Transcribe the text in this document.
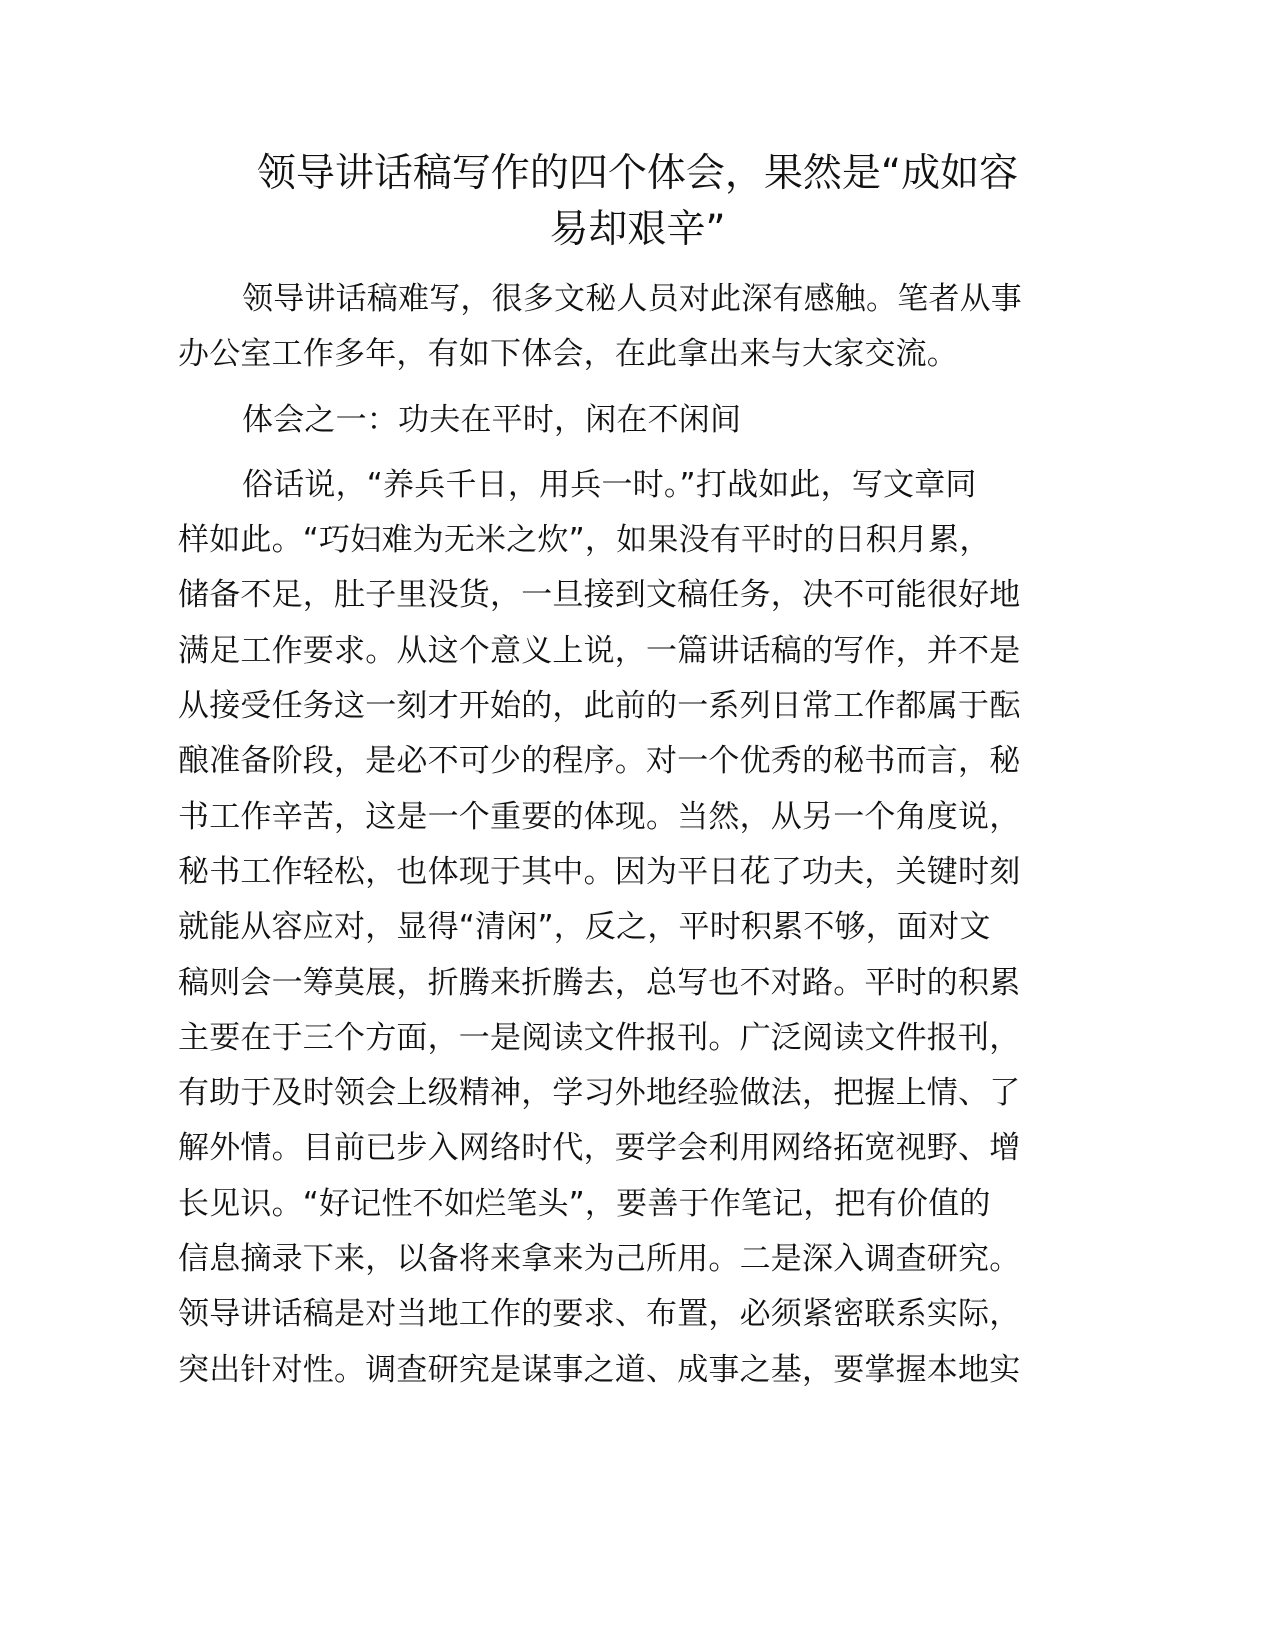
领导讲话稿写作的四个体会，果然是“成如容
易却艰辛”
领导讲话稿难写，很多文秘人员对此深有感触。笔者从事
办公室工作多年，有如下体会，在此拿出来与大家交流。
体会之一：功夫在平时，闲在不闲间
俗话说，“养兵千日，用兵一时。”打战如此，写文章同
样如此。“巧妇难为无米之炊”，如果没有平时的日积月累，
储备不足，肚子里没货，一旦接到文稿任务，决不可能很好地
满足工作要求。从这个意义上说，一篇讲话稿的写作，并不是
从接受任务这一刻才开始的，此前的一系列日常工作都属于酝
酿准备阶段，是必不可少的程序。对一个优秀的秘书而言，秘
书工作辛苦，这是一个重要的体现。当然，从另一个角度说，
秘书工作轻松，也体现于其中。因为平日花了功夫，关键时刻
就能从容应对，显得“清闲”，反之，平时积累不够，面对文
稿则会一筹莫展，折腾来折腾去，总写也不对路。平时的积累
主要在于三个方面，一是阅读文件报刊。广泛阅读文件报刊，
有助于及时领会上级精神，学习外地经验做法，把握上情、了
解外情。目前已步入网络时代，要学会利用网络拓宽视野、增
长见识。“好记性不如烂笔头”，要善于作笔记，把有价值的
信息摘录下来，以备将来拿来为己所用。二是深入调查研究。
领导讲话稿是对当地工作的要求、布置，必须紧密联系实际，
突出针对性。调查研究是谋事之道、成事之基，要掌握本地实
